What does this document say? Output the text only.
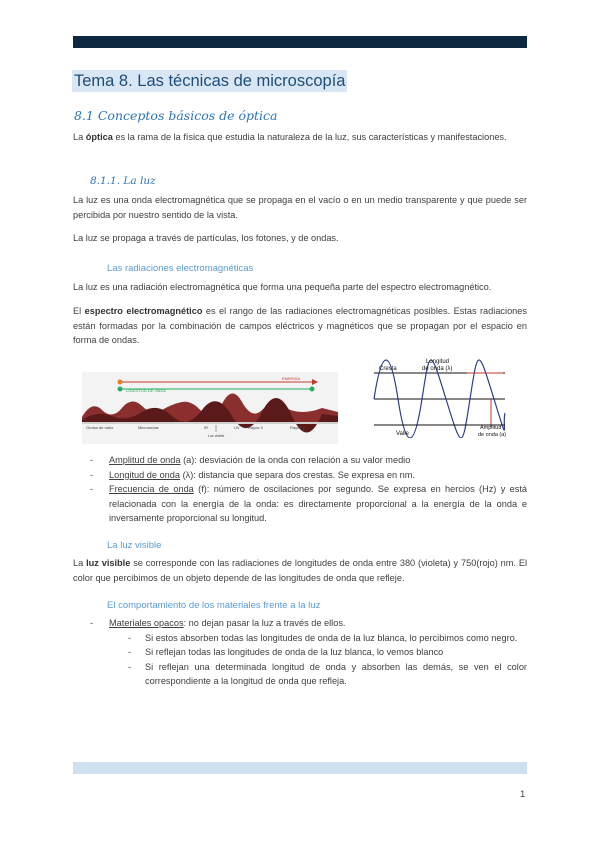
Tema 8. Las técnicas de microscopía
8.1 Conceptos básicos de óptica
La óptica es la rama de la física que estudia la naturaleza de la luz, sus características y manifestaciones.
8.1.1. La luz
La luz es una onda electromagnética que se propaga en el vacío o en un medio transparente y que puede ser percibida por nuestro sentido de la vista.
La luz se propaga a través de partículas, los fotones, y de ondas.
Las radiaciones electromagnéticas
La luz es una radiación electromagnética que forma una pequeña parte del espectro electromagnético.
El espectro electromagnético es el rango de las radiaciones electromagnéticas posibles. Estas radiaciones están formadas por la combinación de campos eléctricos y magnéticos que se propagan por el espacio en forma de ondas.
LONGITUD DE ONDA
ENERGÍA
Ondas de radio	Microondas	IR	UV Rayos X	Rayos γ
Luz visible
Cresta
Longitud
de onda (λ)
Valle
Amplitud
de onda (a)
- Amplitud de onda (a): desviación de la onda con relación a su valor medio
- Longitud de onda (λ): distancia que separa dos crestas. Se expresa en nm.
- Frecuencia de onda (f): número de oscilaciones por segundo. Se expresa en hercios (Hz) y está relacionada con la energía de la onda: es directamente proporcional a la energía de la onda e inversamente proporcional su longitud.
La luz visible
La luz visible se corresponde con las radiaciones de longitudes de onda entre 380 (violeta) y 750(rojo) nm. El color que percibimos de un objeto depende de las longitudes de onda que refleje.
El comportamiento de los materiales frente a la luz
- Materiales opacos: no dejan pasar la luz a través de ellos.
- Si estos absorben todas las longitudes de onda de la luz blanca, lo percibimos como negro.
- Si reflejan todas las longitudes de onda de la luz blanca, lo vemos blanco
- Si reflejan una determinada longitud de onda y absorben las demás, se ven el color correspondiente a la longitud de onda que refleja.
1
